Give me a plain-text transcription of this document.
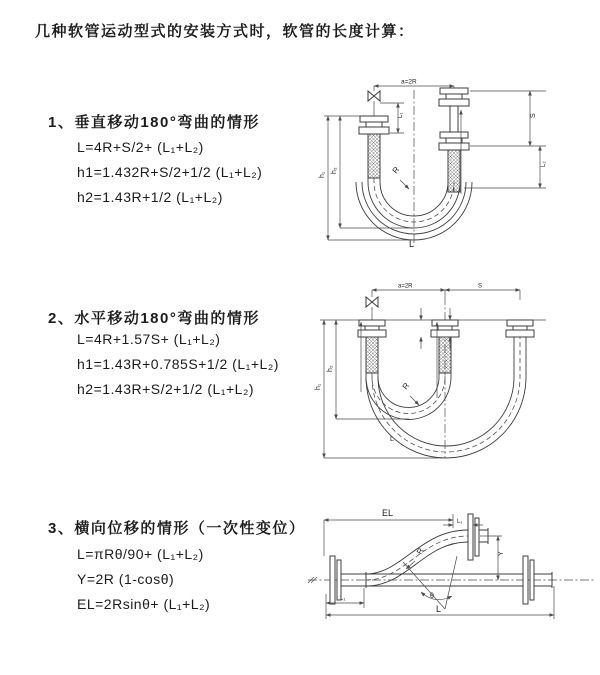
几种软管运动型式的安装方式时，软管的长度计算：
1、垂直移动180°弯曲的情形
L=4R+S/2+ (L₁+L₂)
h1=1.432R+S/2+1/2 (L₁+L₂)
h2=1.43R+1/2 (L₁+L₂)
2、水平移动180°弯曲的情形
L=4R+1.57S+ (L₁+L₂)
h1=1.43R+0.785S+1/2 (L₁+L₂)
h2=1.43R+S/2+1/2 (L₁+L₂)
3、横向位移的情形（一次性变位）
L=πRθ/90+ (L₁+L₂)
Y=2R (1-cosθ)
EL=2Rsinθ+ (L₁+L₂)
a=2R
h₁
h₂
L₁	S
L₂
R
L
a=2R	S
h₁
h₂
R
L
EL
L₁
Y
θ
R
L₁
L
